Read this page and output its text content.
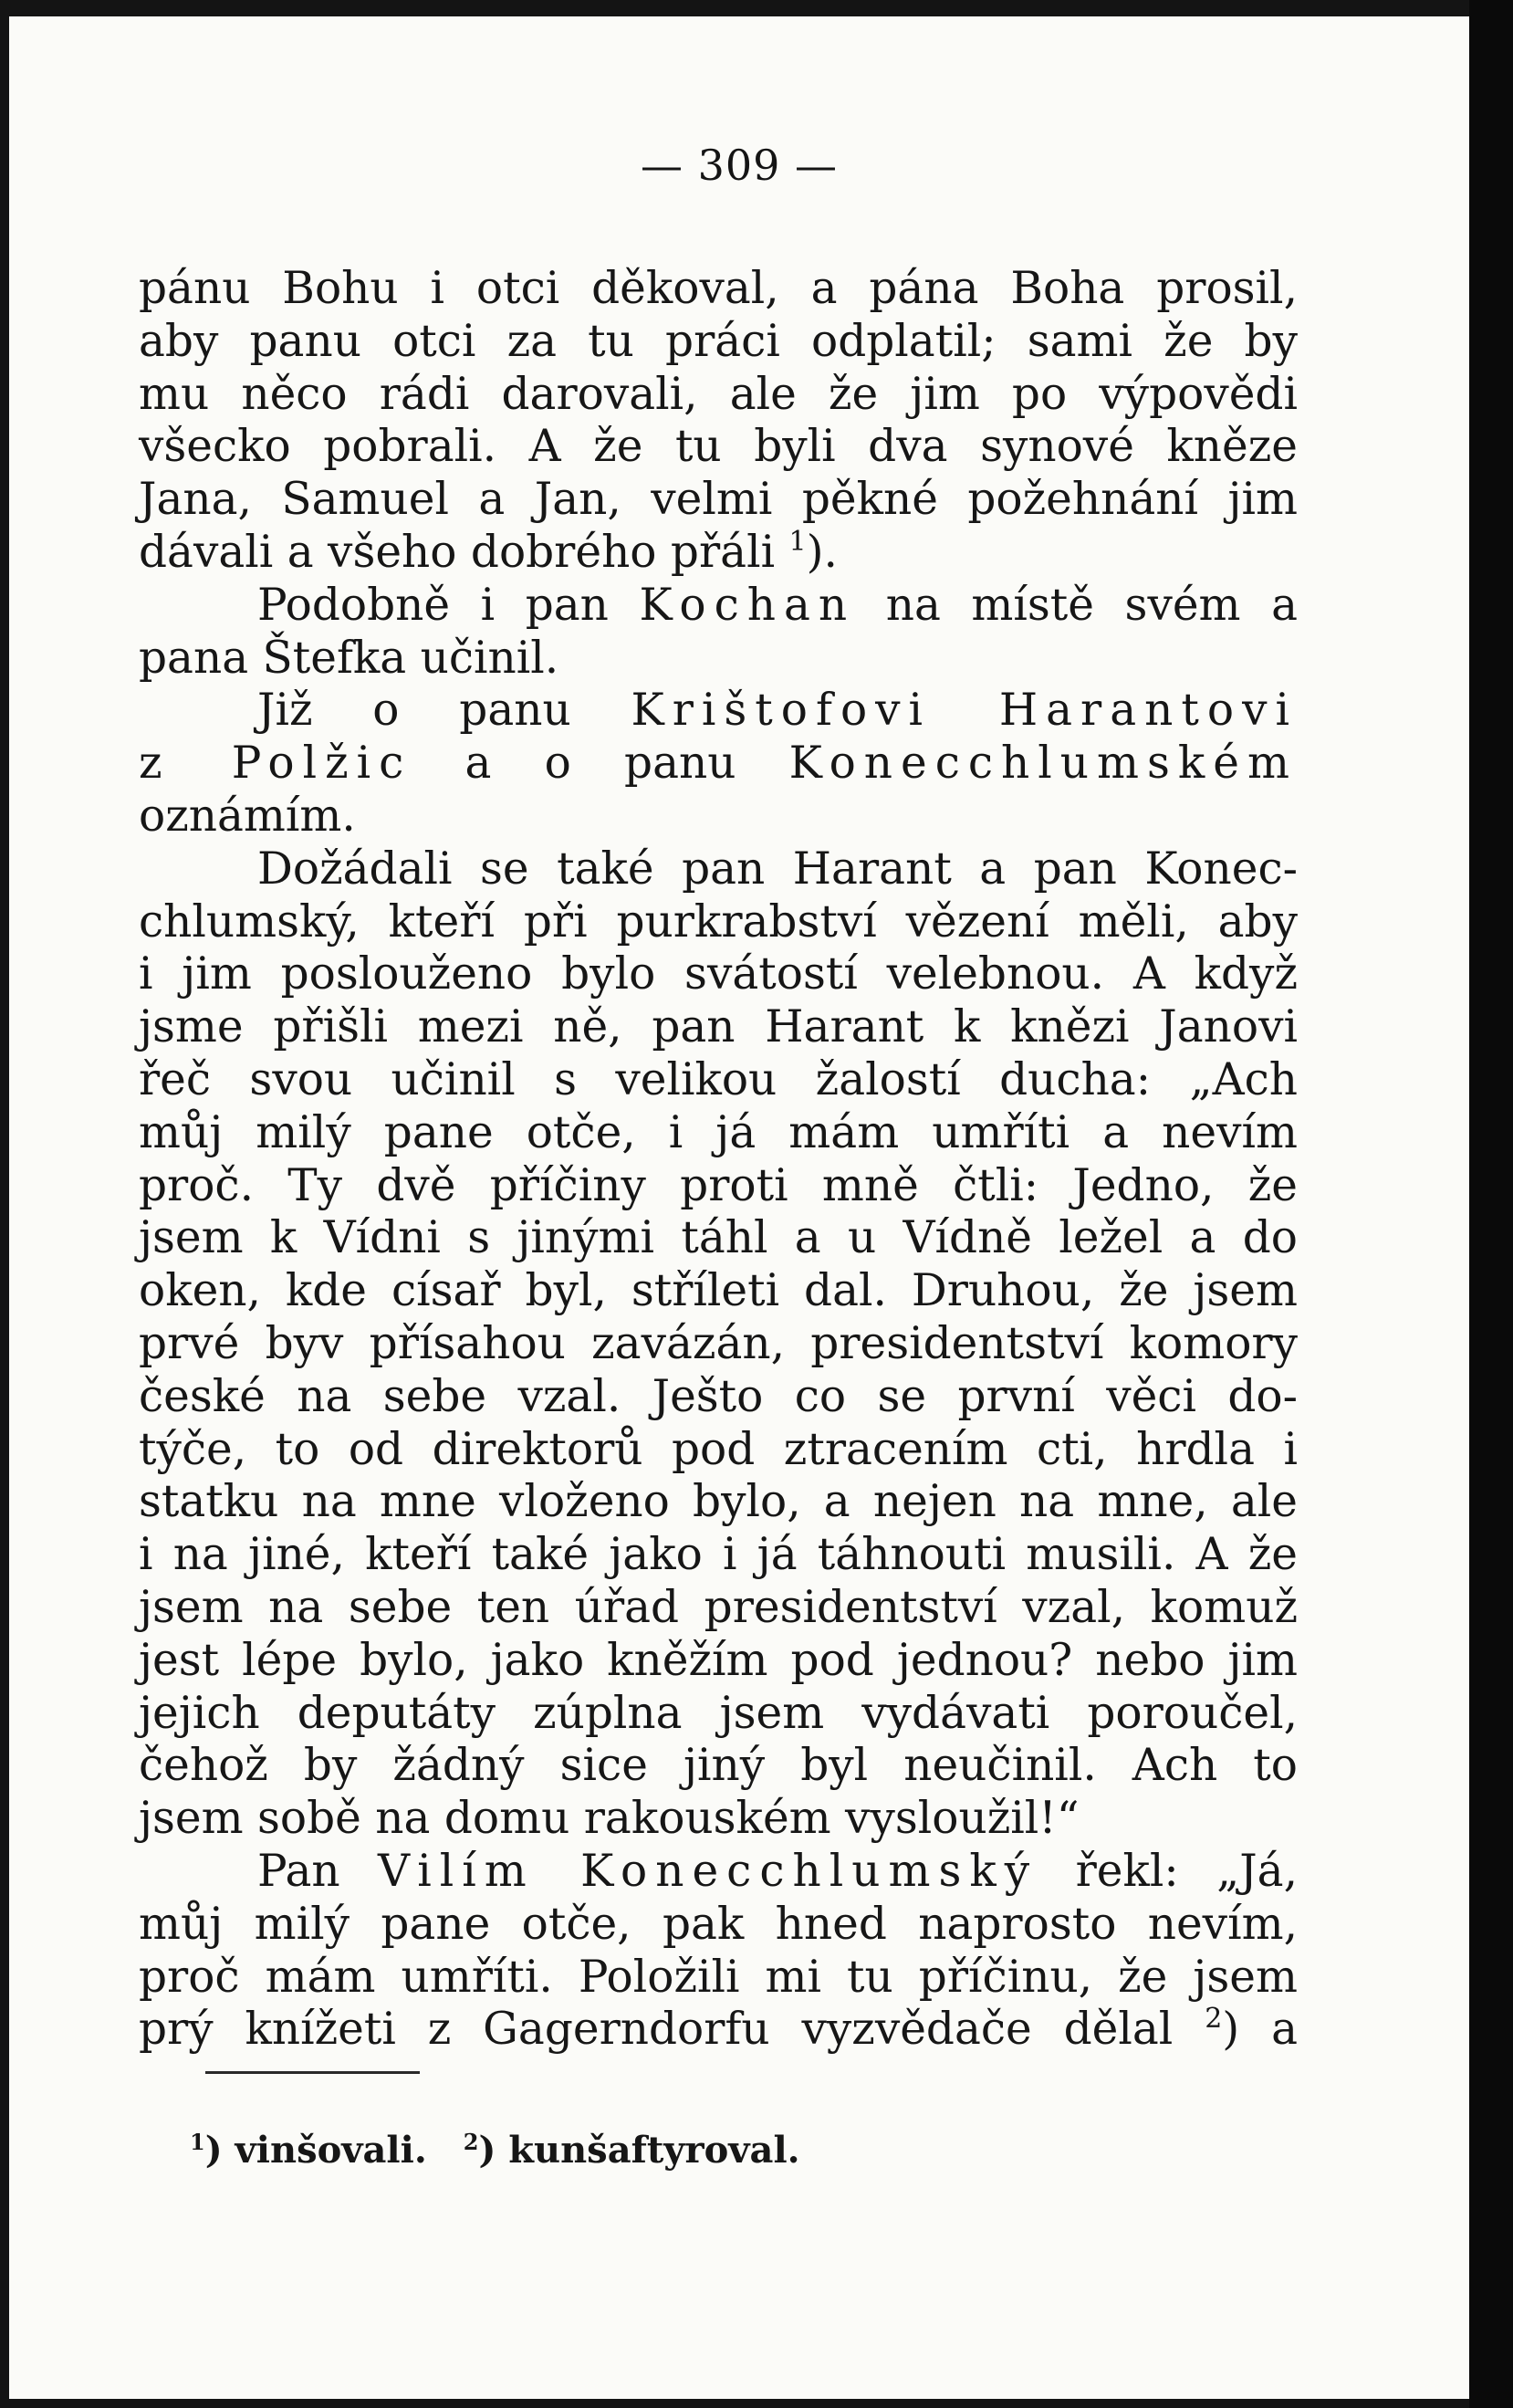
— 309 —
pánu Bohu i otci děkoval, a pána Boha prosil,
aby panu otci za tu práci odplatil; sami že by
mu něco rádi darovali, ale že jim po výpovědi
všecko pobrali. A že tu byli dva synové kněze
Jana, Samuel a Jan, velmi pěkné požehnání jim
dávali a všeho dobrého přáli $^1$).
Podobně i pan Kochan na místě svém a
pana Štefka učinil.
Již o panu Krištofovi Harantovi
z Polžic a o panu Konecchlumském
oznámím.
Dožádali se také pan Harant a pan Konec-
chlumský, kteří při purkrabství vězení měli, aby
i jim poslouženo bylo svátostí velebnou. A když
jsme přišli mezi ně, pan Harant k knězi Janovi
řeč svou učinil s velikou žalostí ducha: „Ach
můj milý pane otče, i já mám umříti a nevím
proč. Ty dvě příčiny proti mně čtli: Jedno, že
jsem k Vídni s jinými táhl a u Vídně ležel a do
oken, kde císař byl, stříleti dal. Druhou, že jsem
prvé byv přísahou zavázán, presidentství komory
české na sebe vzal. Ješto co se první věci do-
týče, to od direktorů pod ztracením cti, hrdla i
statku na mne vloženo bylo, a nejen na mne, ale
i na jiné, kteří také jako i já táhnouti musili. A že
jsem na sebe ten úřad presidentství vzal, komuž
jest lépe bylo, jako kněžím pod jednou? nebo jim
jejich deputáty zúplna jsem vydávati poroučel,
čehož by žádný sice jiný byl neučinil. Ach to
jsem sobě na domu rakouském vysloužil!“
Pan Vilím Konecchlumský řekl: „Já,
můj milý pane otče, pak hned naprosto nevím,
proč mám umříti. Položili mi tu příčinu, že jsem
prý knížeti z Gagerndorfu vyzvědače dělal $^2$) a
$^1$) vinšovali. $^2$) kunšaftyroval.
